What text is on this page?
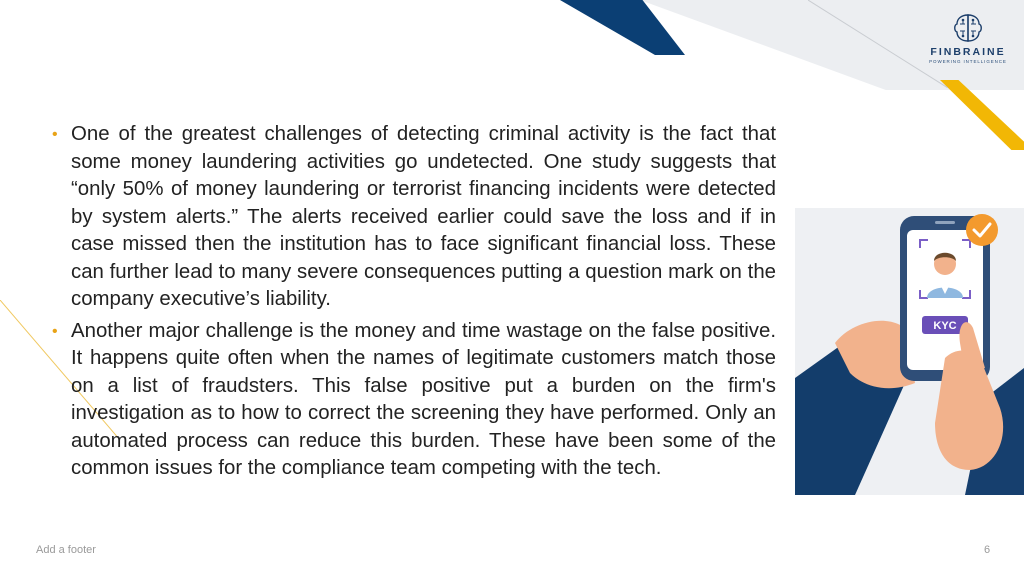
FINBRAINE
POWERING INTELLIGENCE

• One of the greatest challenges of detecting criminal activity is the fact that some money laundering activities go undetected. One study suggests that “only 50% of money laundering or terrorist financing incidents were detected by system alerts.” The alerts received earlier could save the loss and if in case missed then the institution has to face significant financial loss. These can further lead to many severe consequences putting a question mark on the company executive’s liability.

• Another major challenge is the money and time wastage on the false positive. It happens quite often when the names of legitimate customers match those on a list of fraudsters. This false positive put a burden on the firm's investigation as to how to correct the screening they have performed. Only an automated process can reduce this burden. These have been some of the common issues for the compliance team competing with the tech.

KYC
Add a footer	6
